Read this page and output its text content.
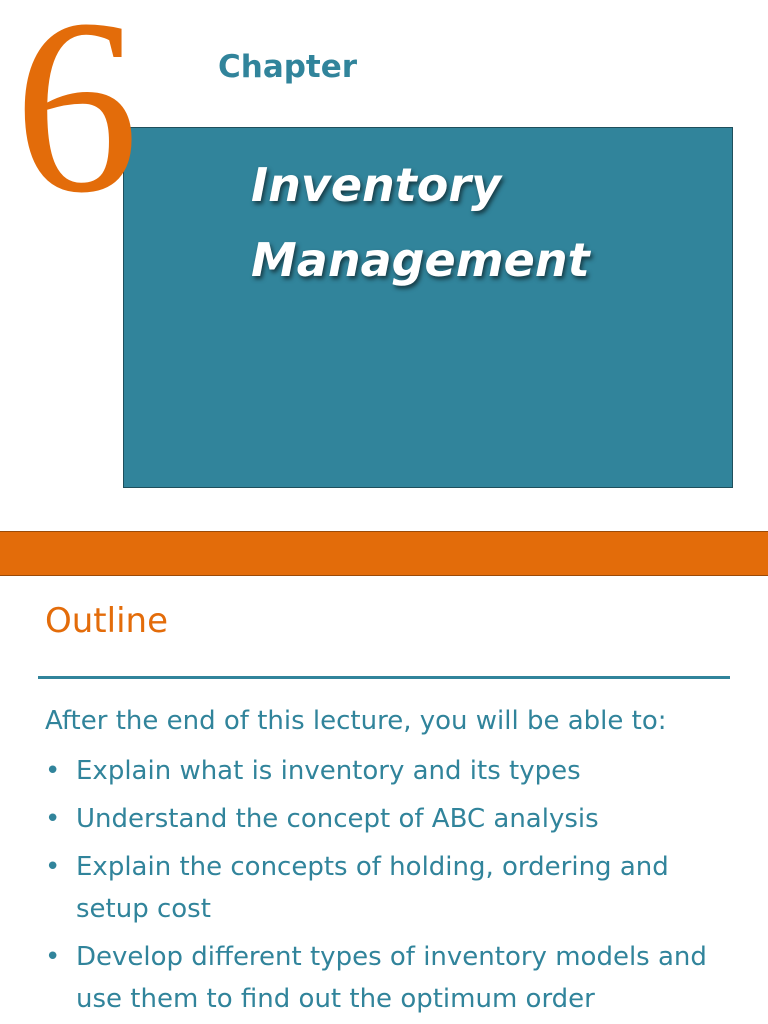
6	Chapter
Inventory
Management
Outline
After the end of this lecture, you will be able to:
• Explain what is inventory and its types
• Understand the concept of ABC analysis
• Explain the concepts of holding, ordering and setup cost
• Develop different types of inventory models and use them to find out the optimum order
